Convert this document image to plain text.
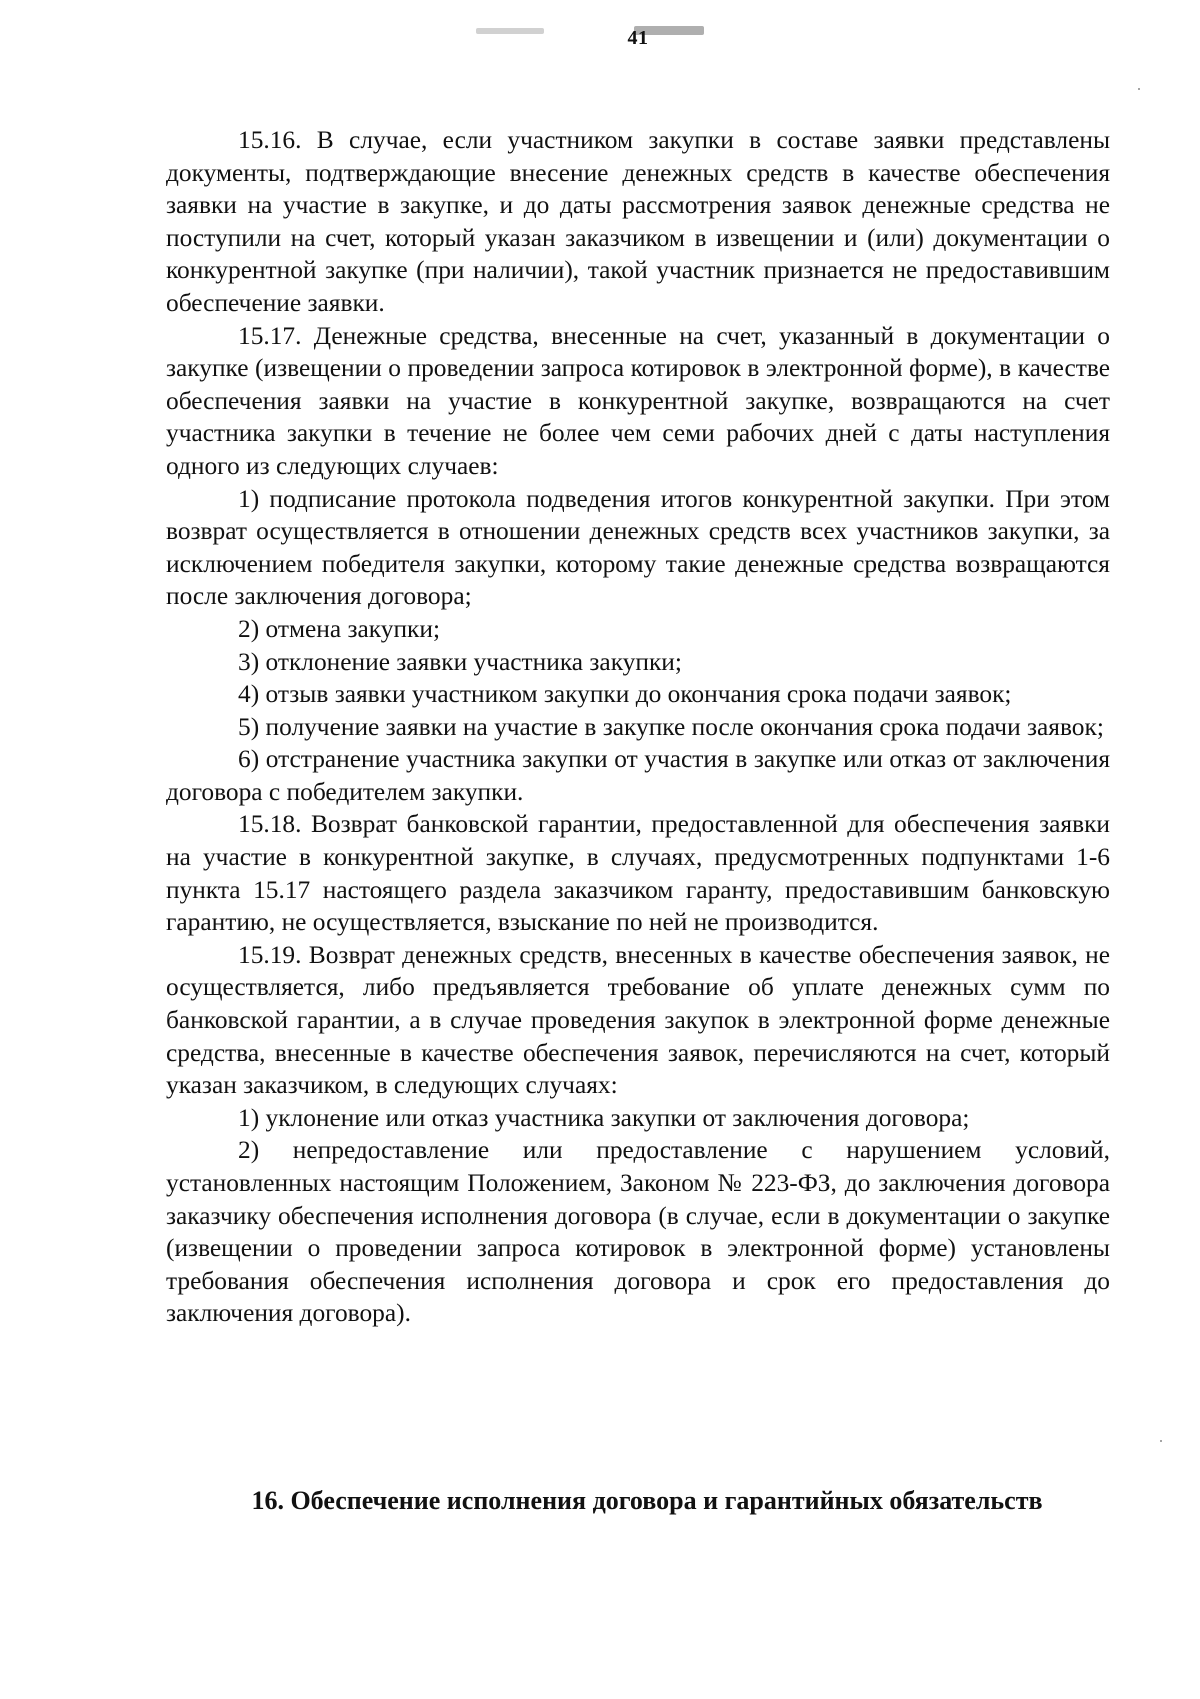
41

15.16. В случае, если участником закупки в составе заявки представлены документы, подтверждающие внесение денежных средств в качестве обеспечения заявки на участие в закупке, и до даты рассмотрения заявок денежные средства не поступили на счет, который указан заказчиком в извещении и (или) документации о конкурентной закупке (при наличии), такой участник признается не предоставившим обеспечение заявки.

15.17. Денежные средства, внесенные на счет, указанный в документации о закупке (извещении о проведении запроса котировок в электронной форме), в качестве обеспечения заявки на участие в конкурентной закупке, возвращаются на счет участника закупки в течение не более чем семи рабочих дней с даты наступления одного из следующих случаев:

1) подписание протокола подведения итогов конкурентной закупки. При этом возврат осуществляется в отношении денежных средств всех участников закупки, за исключением победителя закупки, которому такие денежные средства возвращаются после заключения договора;

2) отмена закупки;

3) отклонение заявки участника закупки;

4) отзыв заявки участником закупки до окончания срока подачи заявок;

5) получение заявки на участие в закупке после окончания срока подачи заявок;

6) отстранение участника закупки от участия в закупке или отказ от заключения договора с победителем закупки.

15.18. Возврат банковской гарантии, предоставленной для обеспечения заявки на участие в конкурентной закупке, в случаях, предусмотренных подпунктами 1-6 пункта 15.17 настоящего раздела заказчиком гаранту, предоставившим банковскую гарантию, не осуществляется, взыскание по ней не производится.

15.19. Возврат денежных средств, внесенных в качестве обеспечения заявок, не осуществляется, либо предъявляется требование об уплате денежных сумм по банковской гарантии, а в случае проведения закупок в электронной форме денежные средства, внесенные в качестве обеспечения заявок, перечисляются на счет, который указан заказчиком, в следующих случаях:

1) уклонение или отказ участника закупки от заключения договора;

2) непредоставление или предоставление с нарушением условий, установленных настоящим Положением, Законом № 223-ФЗ, до заключения договора заказчику обеспечения исполнения договора (в случае, если в документации о закупке (извещении о проведении запроса котировок в электронной форме) установлены требования обеспечения исполнения договора и срок его предоставления до заключения договора).

16. Обеспечение исполнения договора и гарантийных обязательств
